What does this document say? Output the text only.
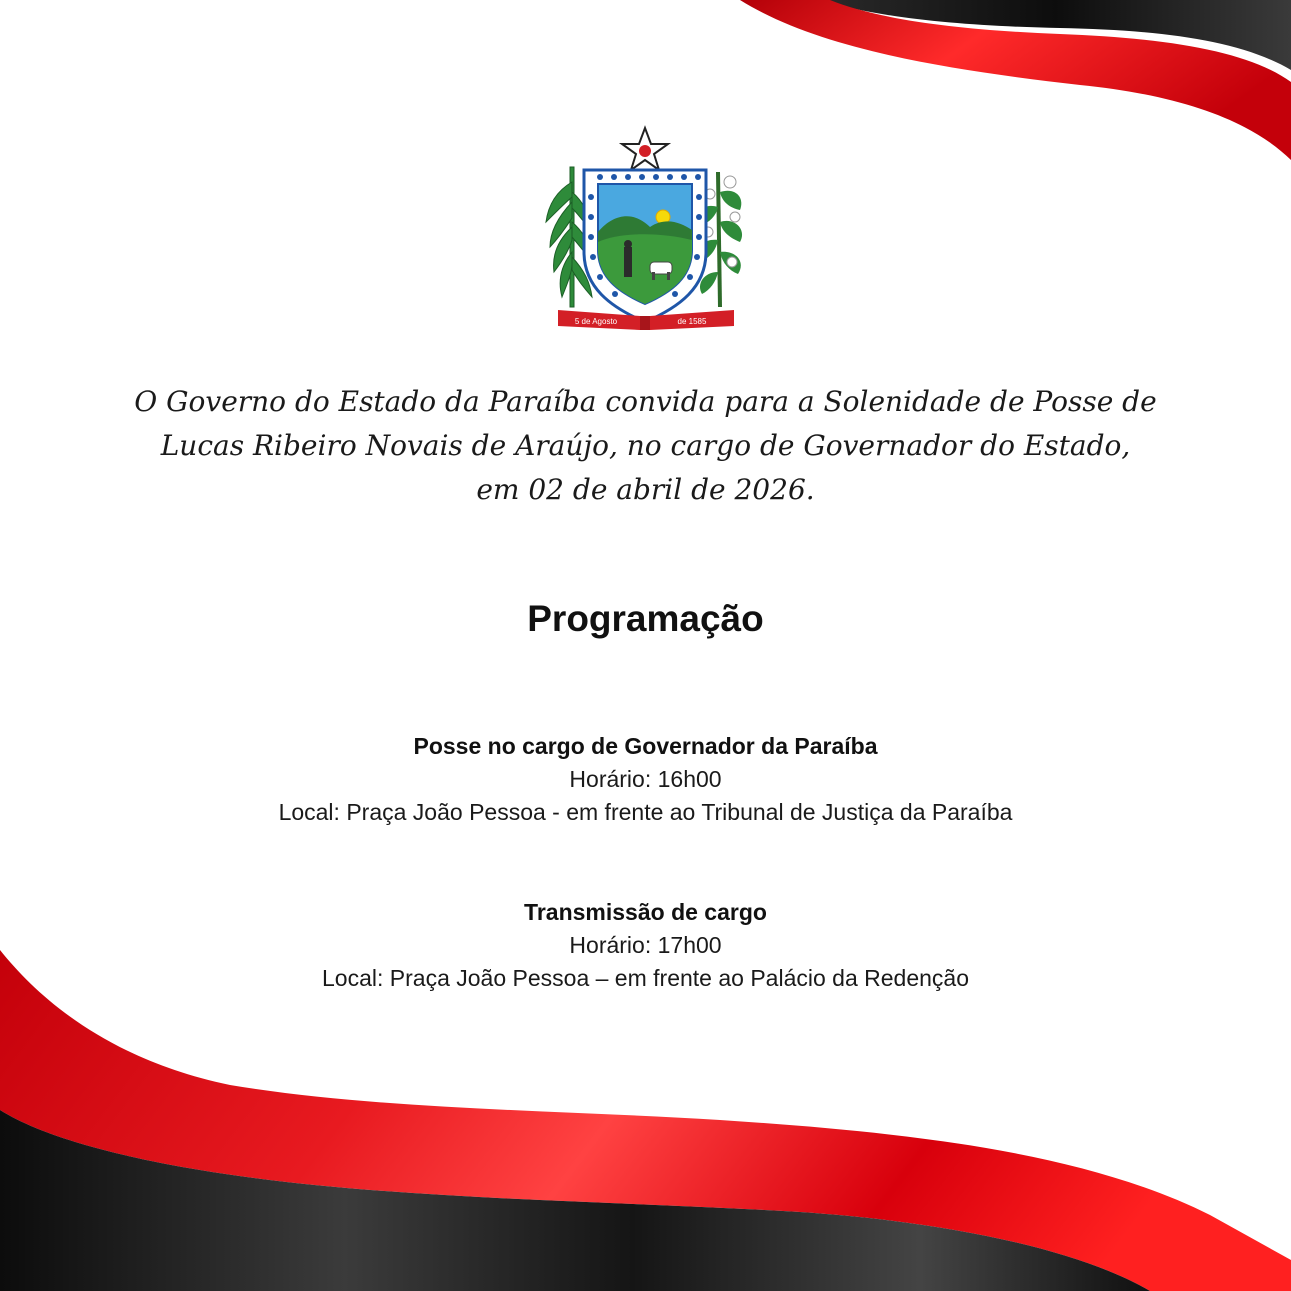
5 de Agosto	de 1585
O Governo do Estado da Paraíba convida para a Solenidade de Posse de
Lucas Ribeiro Novais de Araújo, no cargo de Governador do Estado,
em 02 de abril de 2026.
Programação
Posse no cargo de Governador da Paraíba
Horário: 16h00
Local: Praça João Pessoa - em frente ao Tribunal de Justiça da Paraíba
Transmissão de cargo
Horário: 17h00
Local: Praça João Pessoa – em frente ao Palácio da Redenção
